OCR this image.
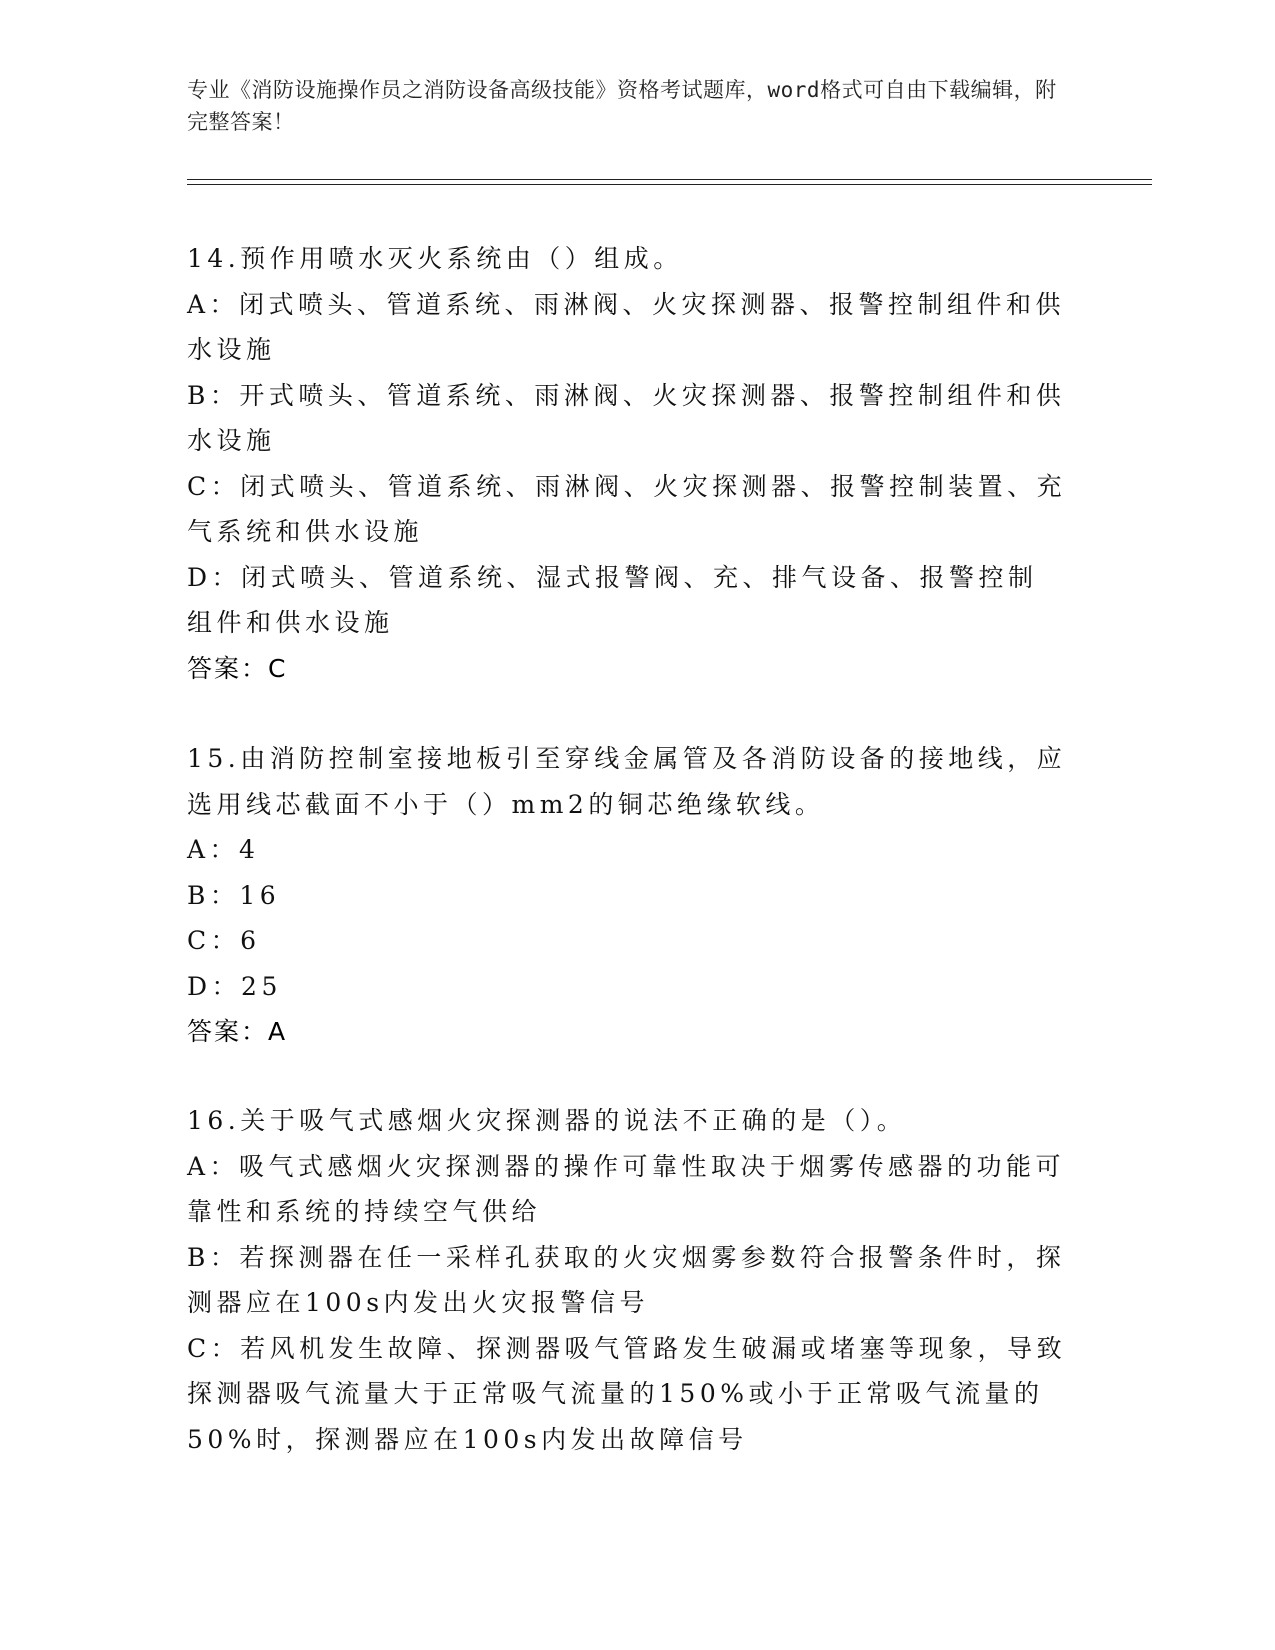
专业《消防设施操作员之消防设备高级技能》资格考试题库，word格式可自由下载编辑，附完整答案！

14.预作用喷水灭火系统由（）组成。

A：闭式喷头、管道系统、雨淋阀、火灾探测器、报警控制组件和供水设施

B：开式喷头、管道系统、雨淋阀、火灾探测器、报警控制组件和供水设施

C：闭式喷头、管道系统、雨淋阀、火灾探测器、报警控制装置、充气系统和供水设施

D：闭式喷头、管道系统、湿式报警阀、充、排气设备、报警控制组件和供水设施

答案：C

15.由消防控制室接地板引至穿线金属管及各消防设备的接地线，应选用线芯截面不小于（）mm2的铜芯绝缘软线。

A：4

B：16

C：6

D：25

答案：A

16.关于吸气式感烟火灾探测器的说法不正确的是（）。

A：吸气式感烟火灾探测器的操作可靠性取决于烟雾传感器的功能可靠性和系统的持续空气供给

B：若探测器在任一采样孔获取的火灾烟雾参数符合报警条件时，探测器应在100s内发出火灾报警信号

C：若风机发生故障、探测器吸气管路发生破漏或堵塞等现象，导致探测器吸气流量大于正常吸气流量的150%或小于正常吸气流量的50%时，探测器应在100s内发出故障信号
